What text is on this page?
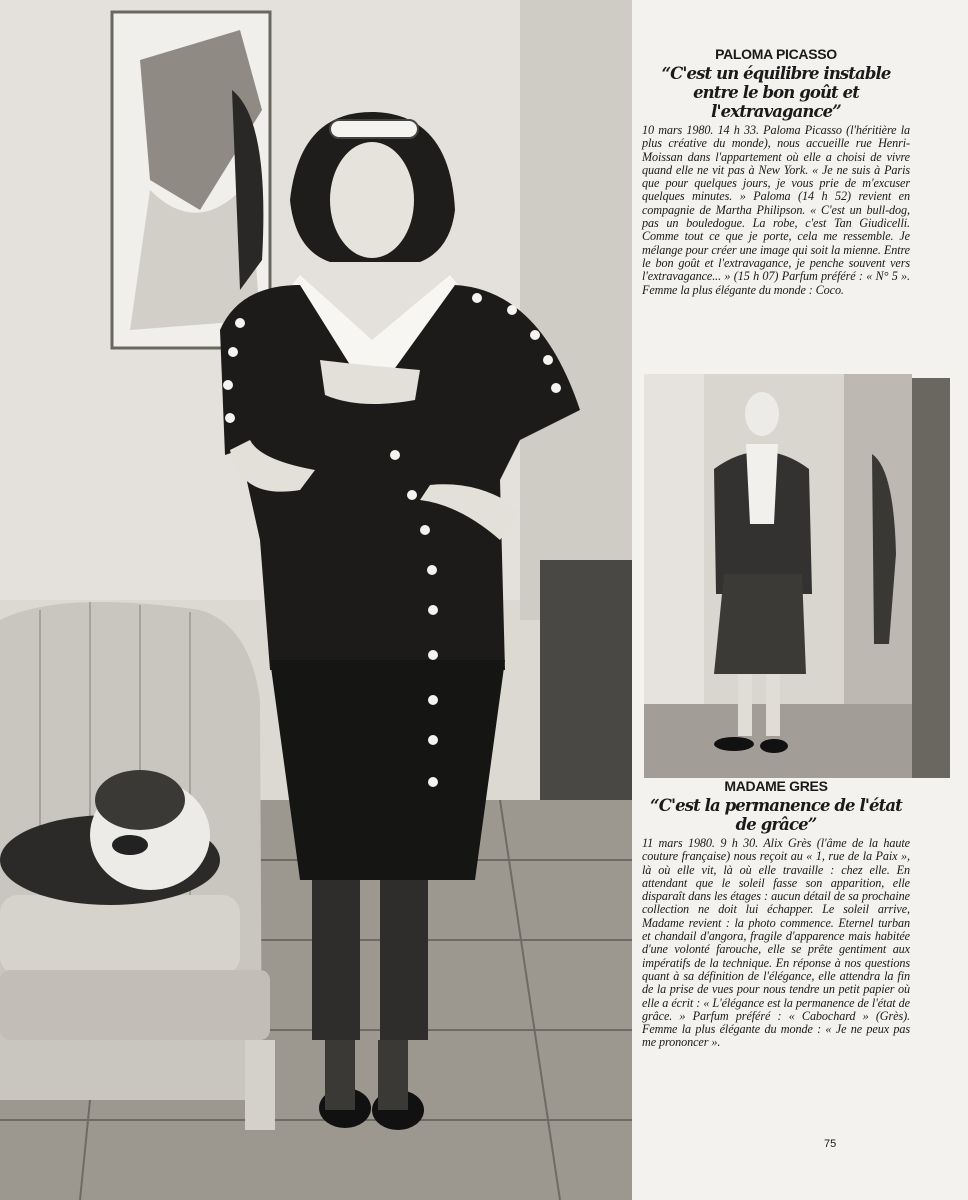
PALOMA PICASSO
“C'est un équilibre instable entre le bon goût et l'extravagance”

10 mars 1980. 14 h 33. Paloma Picasso (l'héritière la plus créative du monde), nous accueille rue Henri-Moissan dans l'appartement où elle a choisi de vivre quand elle ne vit pas à New York. « Je ne suis à Paris que pour quelques jours, je vous prie de m'excuser quelques minutes. » Paloma (14 h 52) revient en compagnie de Martha Philipson. « C'est un bull-dog, pas un bouledogue. La robe, c'est Tan Giudicelli. Comme tout ce que je porte, cela me ressemble. Je mélange pour créer une image qui soit la mienne. Entre le bon goût et l'extravagance, je penche souvent vers l'extravagance... » (15 h 07) Parfum préféré : « N° 5 ». Femme la plus élégante du monde : Coco.

MADAME GRES
“C'est la permanence de l'état de grâce”

11 mars 1980. 9 h 30. Alix Grès (l'âme de la haute couture française) nous reçoit au « 1, rue de la Paix », là où elle vit, là où elle travaille : chez elle. En attendant que le soleil fasse son apparition, elle disparaît dans les étages : aucun détail de sa prochaine collection ne doit lui échapper. Le soleil arrive, Madame revient : la photo commence. Eternel turban et chandail d'angora, fragile d'apparence mais habitée d'une volonté farouche, elle se prête gentiment aux impératifs de la technique. En réponse à nos questions quant à sa définition de l'élégance, elle attendra la fin de la prise de vues pour nous tendre un petit papier où elle a écrit : « L'élégance est la permanence de l'état de grâce. » Parfum préféré : « Cabochard » (Grès). Femme la plus élégante du monde : « Je ne peux pas me prononcer ».

75
